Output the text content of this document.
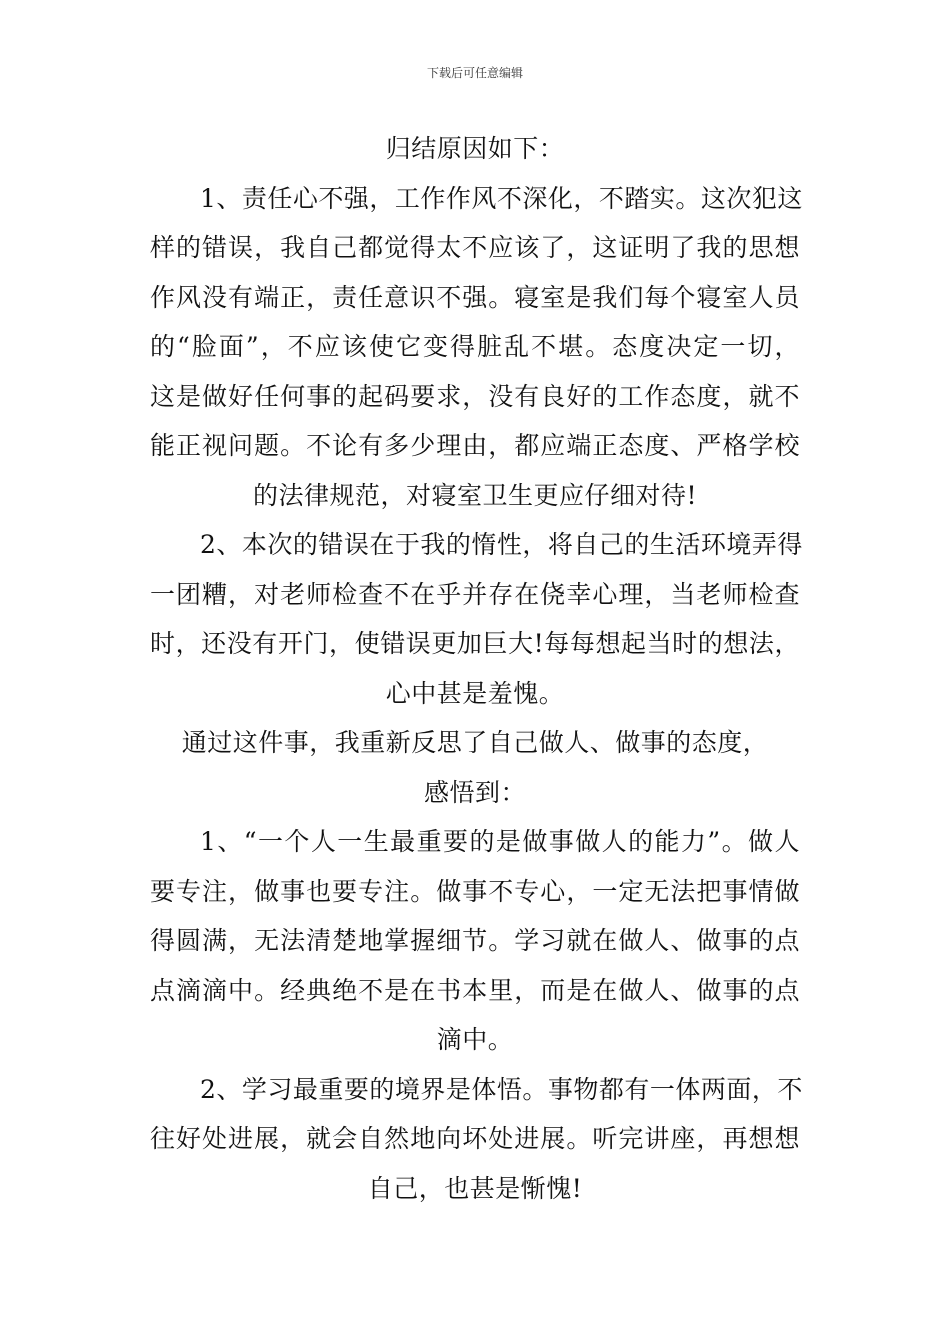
下载后可任意编辑
归结原因如下：
1、责任心不强，工作作风不深化，不踏实。这次犯这
样的错误，我自己都觉得太不应该了，这证明了我的思想
作风没有端正，责任意识不强。寝室是我们每个寝室人员
的“脸面”，不应该使它变得脏乱不堪。态度决定一切，
这是做好任何事的起码要求，没有良好的工作态度，就不
能正视问题。不论有多少理由，都应端正态度、严格学校
的法律规范，对寝室卫生更应仔细对待!
2、本次的错误在于我的惰性，将自己的生活环境弄得
一团糟，对老师检查不在乎并存在侥幸心理，当老师检查
时，还没有开门，使错误更加巨大!每每想起当时的想法，
心中甚是羞愧。
通过这件事，我重新反思了自己做人、做事的态度，
感悟到：
1、“一个人一生最重要的是做事做人的能力”。做人
要专注，做事也要专注。做事不专心，一定无法把事情做
得圆满，无法清楚地掌握细节。学习就在做人、做事的点
点滴滴中。经典绝不是在书本里，而是在做人、做事的点
滴中。
2、学习最重要的境界是体悟。事物都有一体两面，不
往好处进展，就会自然地向坏处进展。听完讲座，再想想
自己，也甚是惭愧!
